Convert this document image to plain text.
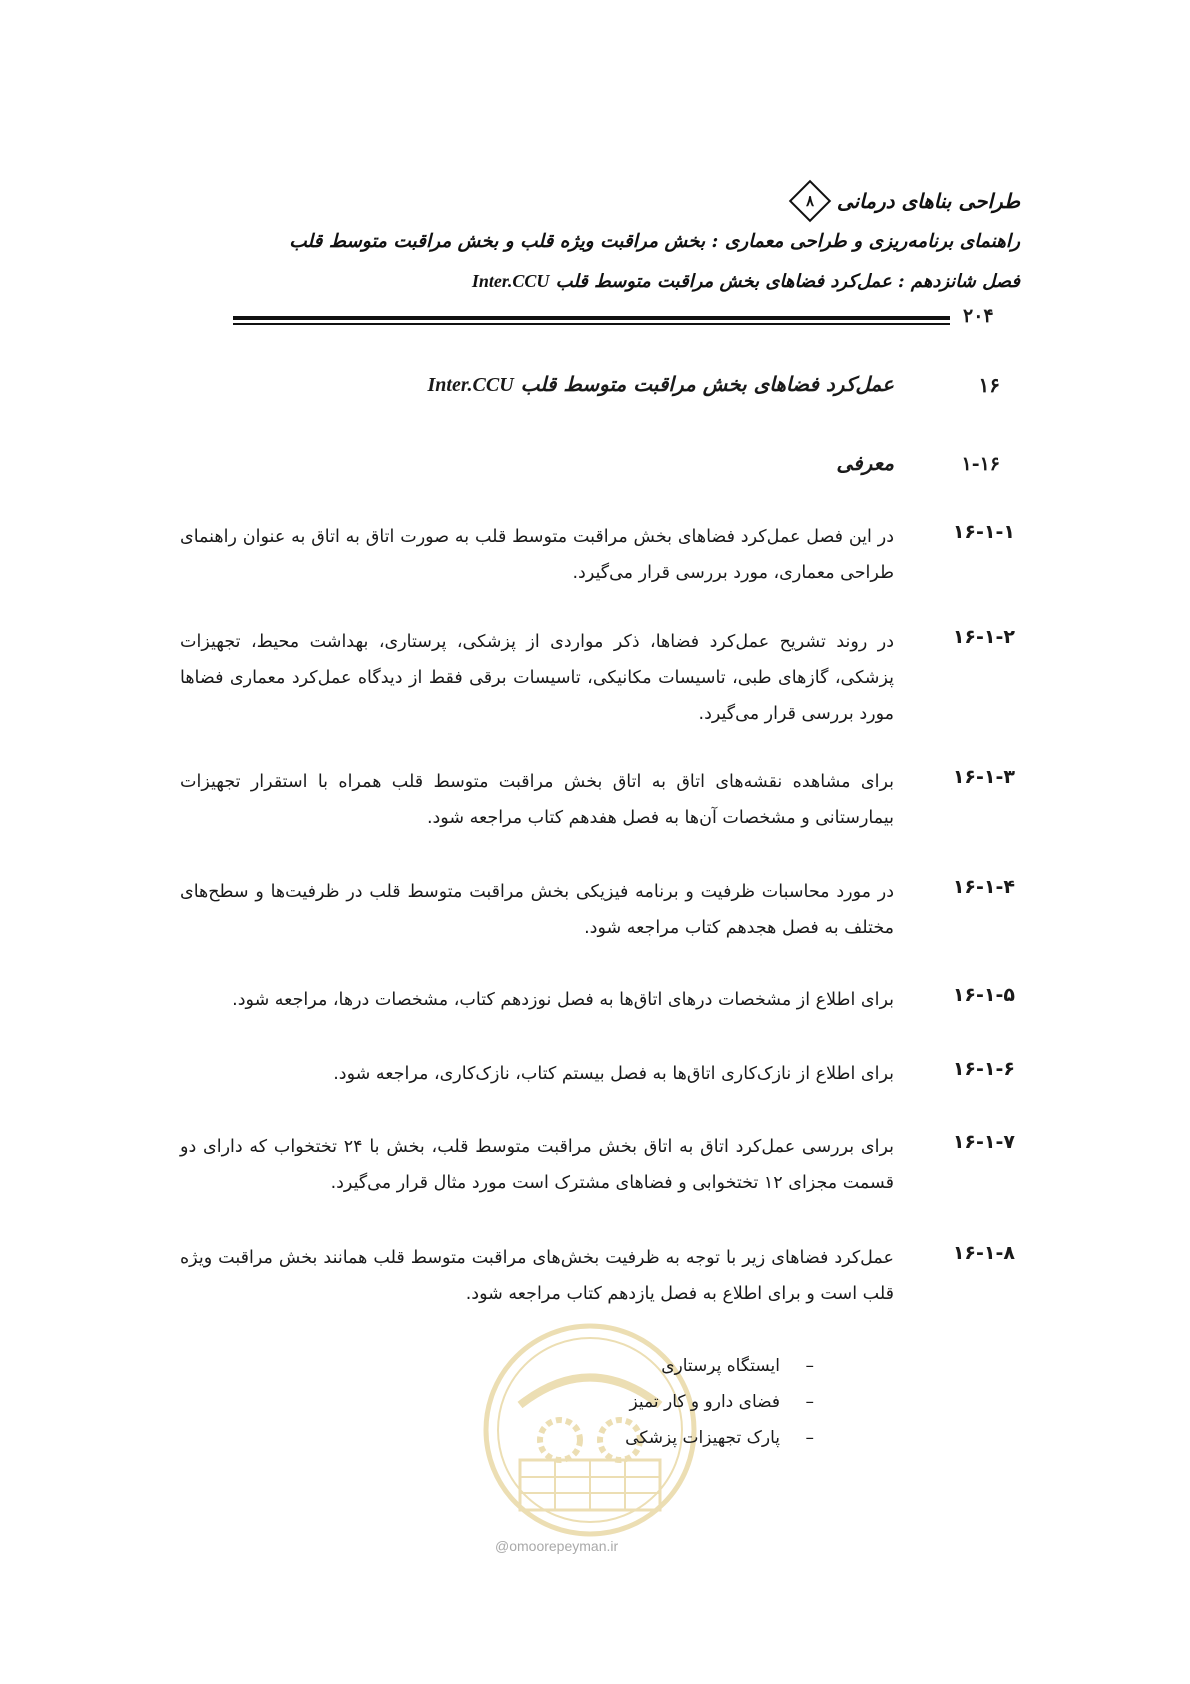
طراحی بناهای درمانی
۸
راهنمای برنامه‌ریزی و طراحی معماری : بخش مراقبت ویژه قلب و بخش مراقبت متوسط قلب
فصل شانزدهم : عمل‌کرد فضاهای بخش مراقبت متوسط قلب Inter.CCU
۲۰۴
۱۶
عمل‌کرد فضاهای بخش مراقبت متوسط قلب Inter.CCU
۱-۱۶
معرفی
۱۶-۱-۱
در این فصل عمل‌کرد فضاهای بخش مراقبت متوسط قلب به صورت اتاق به اتاق به عنوان راهنمای طراحی معماری، مورد بررسی قرار می‌گیرد.
۱۶-۱-۲
در روند تشریح عمل‌کرد فضاها، ذکر مواردی از پزشکی، پرستاری، بهداشت محیط، تجهیزات پزشکی، گازهای طبی، تاسیسات مکانیکی، تاسیسات برقی فقط از دیدگاه عمل‌کرد معماری فضاها مورد بررسی قرار می‌گیرد.
۱۶-۱-۳
برای مشاهده نقشه‌های اتاق به اتاق بخش مراقبت متوسط قلب همراه با استقرار تجهیزات بیمارستانی و مشخصات آن‌ها به فصل هفدهم کتاب مراجعه شود.
۱۶-۱-۴
در مورد محاسبات ظرفیت و برنامه فیزیکی بخش مراقبت متوسط قلب در ظرفیت‌ها و سطح‌های مختلف به فصل هجدهم کتاب مراجعه شود.
۱۶-۱-۵
برای اطلاع از مشخصات درهای اتاق‌ها به فصل نوزدهم کتاب، مشخصات درها، مراجعه شود.
۱۶-۱-۶
برای اطلاع از نازک‌کاری اتاق‌ها به فصل بیستم کتاب، نازک‌کاری، مراجعه شود.
۱۶-۱-۷
برای بررسی عمل‌کرد اتاق به اتاق بخش مراقبت متوسط قلب، بخش با ۲۴ تختخواب که دارای دو قسمت مجزای ۱۲ تختخوابی و فضاهای مشترک است مورد مثال قرار می‌گیرد.
۱۶-۱-۸
عمل‌کرد فضاهای زیر با توجه به ظرفیت بخش‌های مراقبت متوسط قلب همانند بخش مراقبت ویژه قلب است و برای اطلاع به فصل یازدهم کتاب مراجعه شود.
@omoorepeyman.ir
–ایستگاه پرستاری
–فضای دارو و کار تمیز
–پارک تجهیزات پزشکی
